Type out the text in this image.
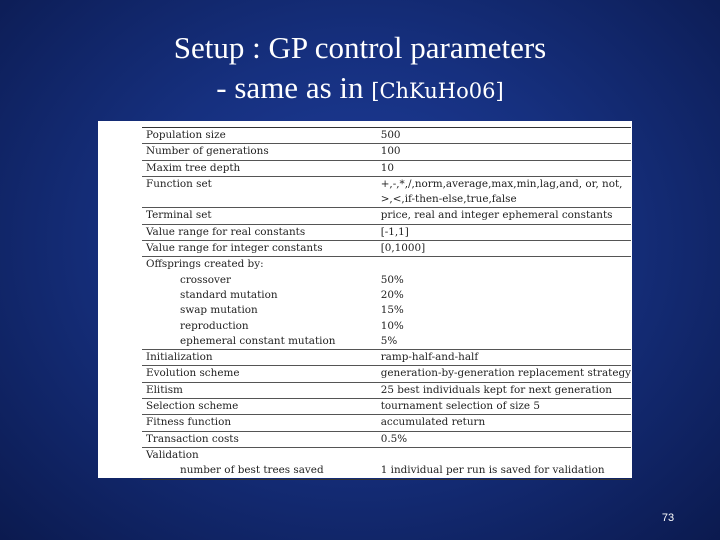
Setup : GP control parameters
- same as in [ChKuHo06]
Population size	500
Number of generations	100
Maxim tree depth	10
Function set	+,-,*,/,norm,average,max,min,lag,and, or, not,
>,<,if-then-else,true,false

Terminal set	price, real and integer ephemeral constants
Value range for real constants	[-1,1]
Value range for integer constants	[0,1000]
Offsprings created by:	
crossover	50%
standard mutation	20%
swap mutation	15%
reproduction	10%
ephemeral constant mutation	5%
Initialization	ramp-half-and-half
Evolution scheme	generation-by-generation replacement strategy
Elitism	25 best individuals kept for next generation
Selection scheme	tournament selection of size 5
Fitness function	accumulated return
Transaction costs	0.5%
Validation	
number of best trees saved	1 individual per run is saved for validation
73
